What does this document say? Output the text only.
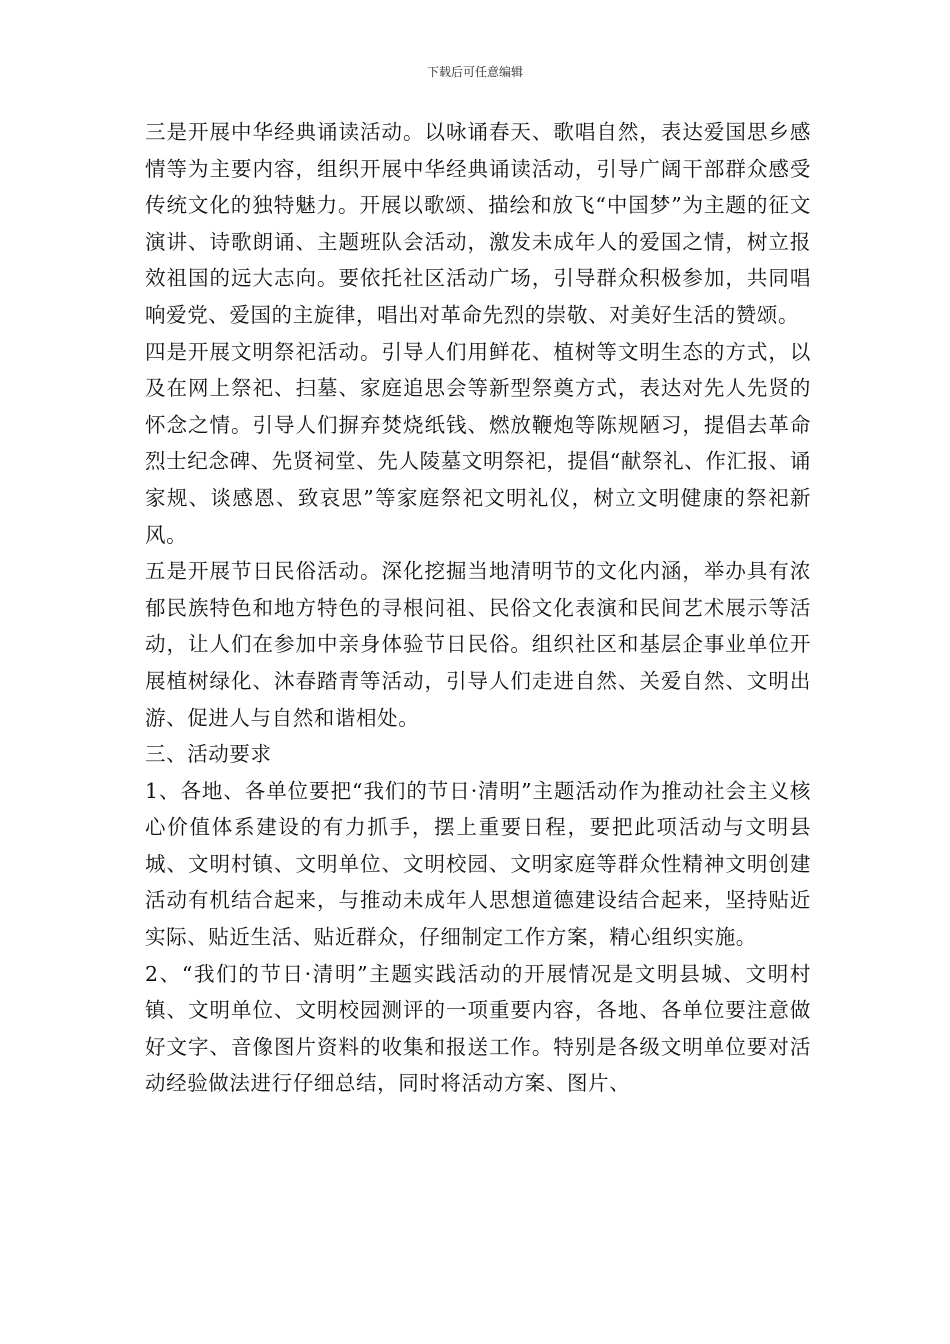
下载后可任意编辑

三是开展中华经典诵读活动。以咏诵春天、歌唱自然，表达爱国思乡感情等为主要内容，组织开展中华经典诵读活动，引导广阔干部群众感受传统文化的独特魅力。开展以歌颂、描绘和放飞“中国梦”为主题的征文演讲、诗歌朗诵、主题班队会活动，激发未成年人的爱国之情，树立报效祖国的远大志向。要依托社区活动广场，引导群众积极参加，共同唱响爱党、爱国的主旋律，唱出对革命先烈的崇敬、对美好生活的赞颂。

四是开展文明祭祀活动。引导人们用鲜花、植树等文明生态的方式，以及在网上祭祀、扫墓、家庭追思会等新型祭奠方式，表达对先人先贤的怀念之情。引导人们摒弃焚烧纸钱、燃放鞭炮等陈规陋习，提倡去革命烈士纪念碑、先贤祠堂、先人陵墓文明祭祀，提倡“献祭礼、作汇报、诵家规、谈感恩、致哀思”等家庭祭祀文明礼仪，树立文明健康的祭祀新风。

五是开展节日民俗活动。深化挖掘当地清明节的文化内涵，举办具有浓郁民族特色和地方特色的寻根问祖、民俗文化表演和民间艺术展示等活动，让人们在参加中亲身体验节日民俗。组织社区和基层企事业单位开展植树绿化、沐春踏青等活动，引导人们走进自然、关爱自然、文明出游、促进人与自然和谐相处。

三、活动要求

1、各地、各单位要把“我们的节日·清明”主题活动作为推动社会主义核心价值体系建设的有力抓手，摆上重要日程，要把此项活动与文明县城、文明村镇、文明单位、文明校园、文明家庭等群众性精神文明创建活动有机结合起来，与推动未成年人思想道德建设结合起来，坚持贴近实际、贴近生活、贴近群众，仔细制定工作方案，精心组织实施。

2、“我们的节日·清明”主题实践活动的开展情况是文明县城、文明村镇、文明单位、文明校园测评的一项重要内容，各地、各单位要注意做好文字、音像图片资料的收集和报送工作。特别是各级文明单位要对活动经验做法进行仔细总结，同时将活动方案、图片、
